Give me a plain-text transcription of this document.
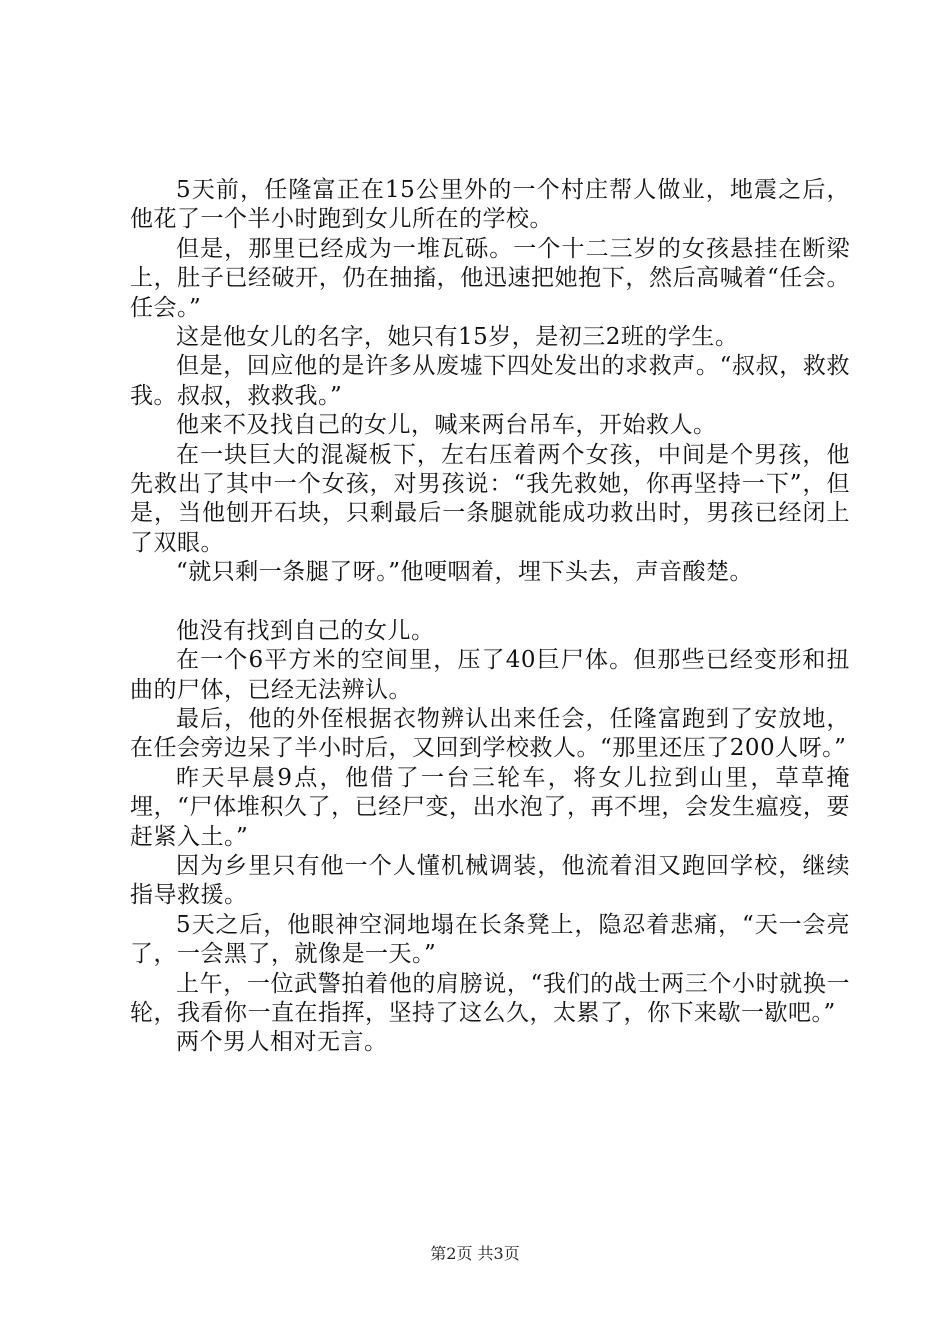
5天前，任隆富正在15公里外的一个村庄帮人做业，地震之后，他花了一个半小时跑到女儿所在的学校。

但是，那里已经成为一堆瓦砾。一个十二三岁的女孩悬挂在断梁上，肚子已经破开，仍在抽搐，他迅速把她抱下，然后高喊着“任会。任会。”

这是他女儿的名字，她只有15岁，是初三2班的学生。

但是，回应他的是许多从废墟下四处发出的求救声。“叔叔，救救我。叔叔，救救我。”

他来不及找自己的女儿，喊来两台吊车，开始救人。

在一块巨大的混凝板下，左右压着两个女孩，中间是个男孩，他先救出了其中一个女孩，对男孩说：“我先救她，你再坚持一下”，但是，当他刨开石块，只剩最后一条腿就能成功救出时，男孩已经闭上了双眼。

“就只剩一条腿了呀。”他哽咽着，埋下头去，声音酸楚。

他没有找到自己的女儿。

在一个6平方米的空间里，压了40巨尸体。但那些已经变形和扭曲的尸体，已经无法辨认。

最后，他的外侄根据衣物辨认出来任会，任隆富跑到了安放地，在任会旁边呆了半小时后，又回到学校救人。“那里还压了200人呀。”

昨天早晨9点，他借了一台三轮车，将女儿拉到山里，草草掩埋，“尸体堆积久了，已经尸变，出水泡了，再不埋，会发生瘟疫，要赶紧入土。”

因为乡里只有他一个人懂机械调装，他流着泪又跑回学校，继续指导救援。

5天之后，他眼神空洞地塌在长条凳上，隐忍着悲痛，“天一会亮了，一会黑了，就像是一天。”

上午，一位武警拍着他的肩膀说，“我们的战士两三个小时就换一轮，我看你一直在指挥，坚持了这么久，太累了，你下来歇一歇吧。”

两个男人相对无言。

第2页 共3页
